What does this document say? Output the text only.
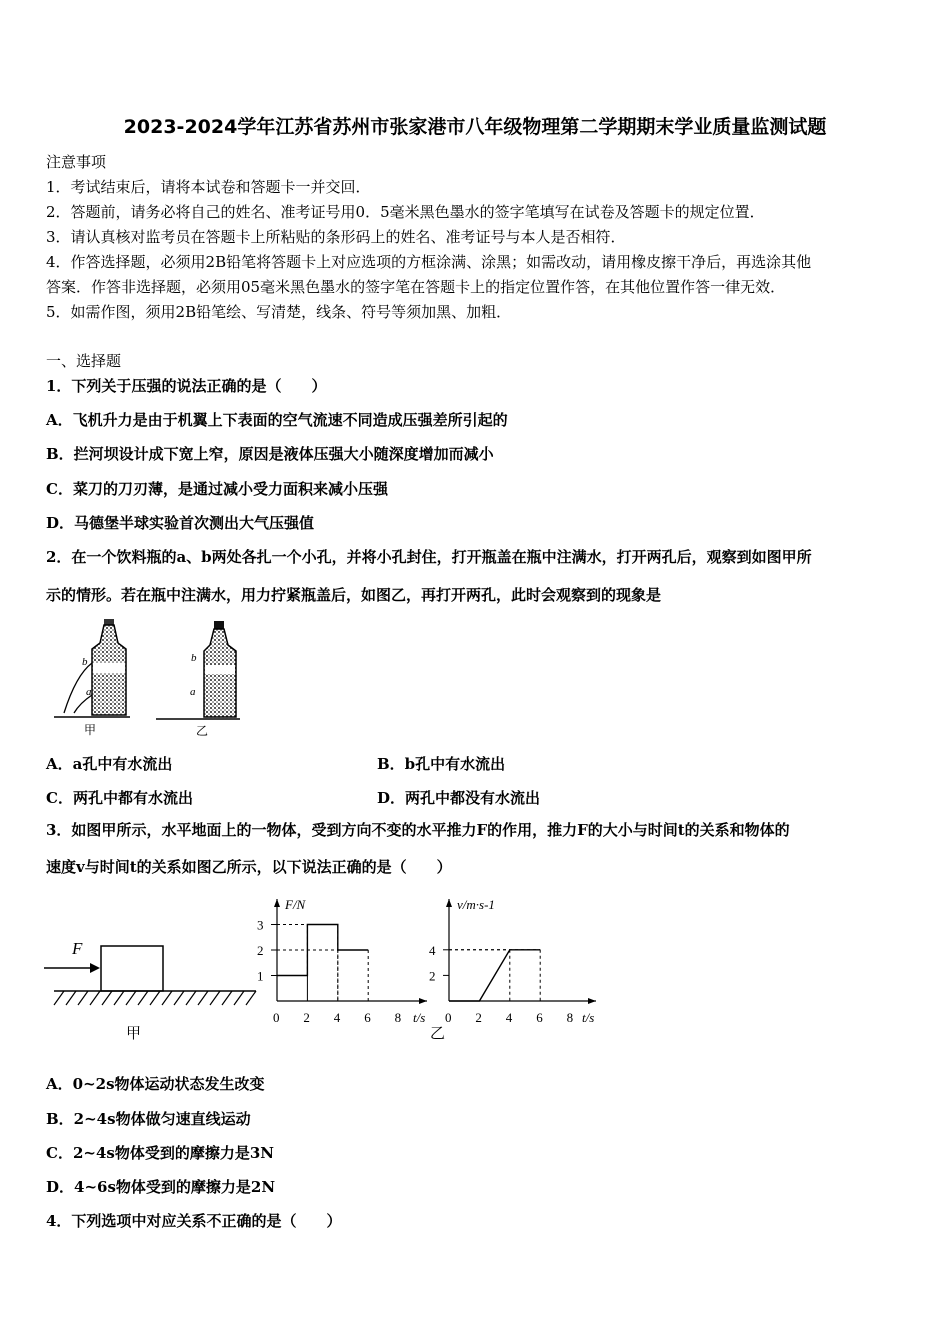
2023-2024学年江苏省苏州市张家港市八年级物理第二学期期末学业质量监测试题
注意事项
1．考试结束后，请将本试卷和答题卡一并交回．
2．答题前，请务必将自己的姓名、准考证号用0．5毫米黑色墨水的签字笔填写在试卷及答题卡的规定位置．
3．请认真核对监考员在答题卡上所粘贴的条形码上的姓名、准考证号与本人是否相符．
4．作答选择题，必须用2B铅笔将答题卡上对应选项的方框涂满、涂黑；如需改动，请用橡皮擦干净后，再选涂其他
答案．作答非选择题，必须用05毫米黑色墨水的签字笔在答题卡上的指定位置作答，在其他位置作答一律无效．
5．如需作图，须用2B铅笔绘、写清楚，线条、符号等须加黑、加粗．
一、选择题
1．下列关于压强的说法正确的是（　　）
A．飞机升力是由于机翼上下表面的空气流速不同造成压强差所引起的
B．拦河坝设计成下宽上窄，原因是液体压强大小随深度增加而减小
C．菜刀的刀刃薄，是通过减小受力面积来减小压强
D．马德堡半球实验首次测出大气压强值
2．在一个饮料瓶的a、b两处各扎一个小孔，并将小孔封住，打开瓶盖在瓶中注满水，打开两孔后，观察到如图甲所
示的情形。若在瓶中注满水，用力拧紧瓶盖后，如图乙，再打开两孔，此时会观察到的现象是
b
a
甲
b
a
乙
A．a孔中有水流出	B．b孔中有水流出
C．两孔中都有水流出	D．两孔中都没有水流出
3．如图甲所示，水平地面上的一物体，受到方向不变的水平推力F的作用，推力F的大小与时间t的关系和物体的
速度v与时间t的关系如图乙所示，以下说法正确的是（　　）
F
甲
0 2 4 6 8
1
2
3
t/s
F/N
0 2 4 6 8
2
4
t/s
v/m·s-1
乙
A．0~2s物体运动状态发生改变
B．2~4s物体做匀速直线运动
C．2~4s物体受到的摩擦力是3N
D．4~6s物体受到的摩擦力是2N
4．下列选项中对应关系不正确的是（　　）
